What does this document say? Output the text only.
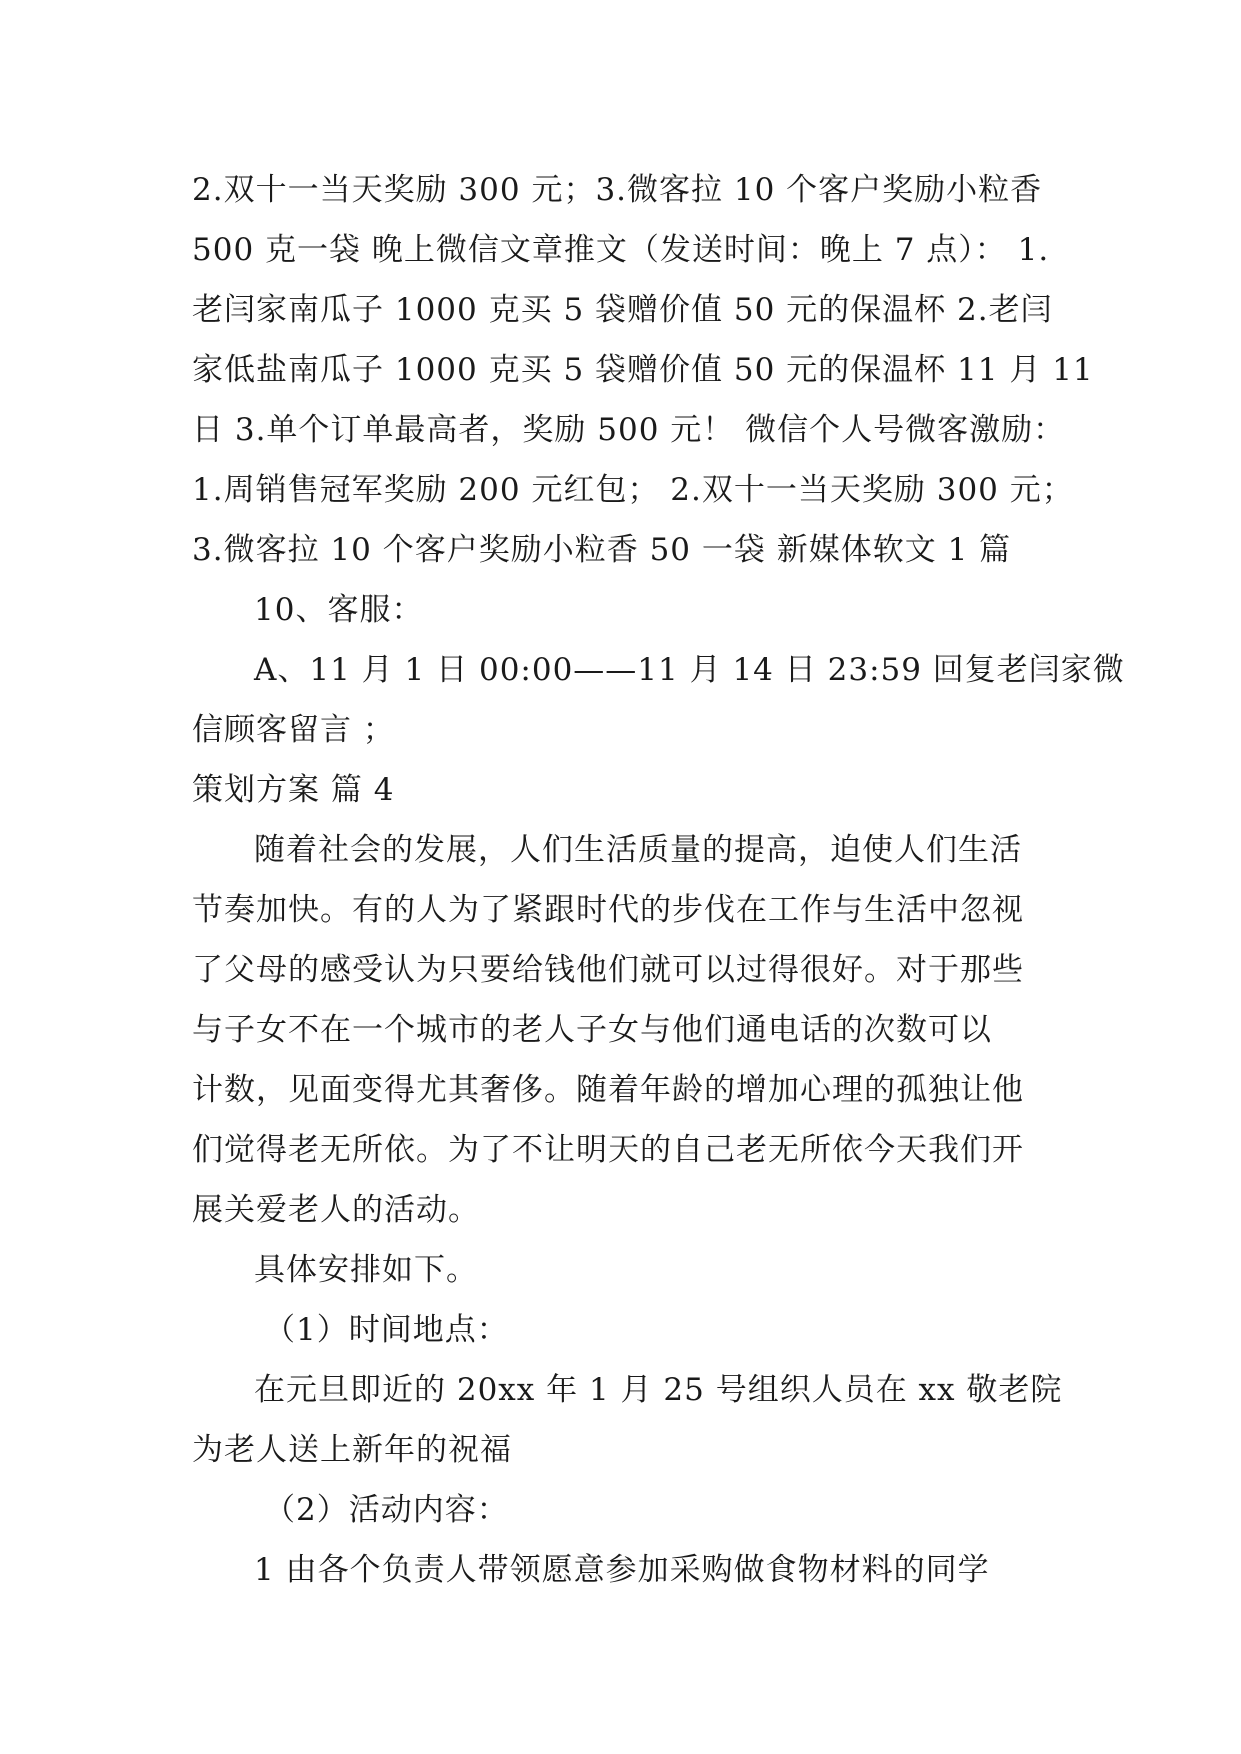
2.双十一当天奖励 300 元；3.微客拉 10 个客户奖励小粒香
500 克一袋 晚上微信文章推文（发送时间：晚上 7 点）： 1.
老闫家南瓜子 1000 克买 5 袋赠价值 50 元的保温杯 2.老闫
家低盐南瓜子 1000 克买 5 袋赠价值 50 元的保温杯 11 月 11
日 3.单个订单最高者，奖励 500 元！ 微信个人号微客激励：
1.周销售冠军奖励 200 元红包； 2.双十一当天奖励 300 元；
3.微客拉 10 个客户奖励小粒香 50 一袋 新媒体软文 1 篇
10、客服：
A、11 月 1 日 00:00——11 月 14 日 23:59 回复老闫家微
信顾客留言 ；
策划方案 篇 4
随着社会的发展，人们生活质量的提高，迫使人们生活
节奏加快。有的人为了紧跟时代的步伐在工作与生活中忽视
了父母的感受认为只要给钱他们就可以过得很好。对于那些
与子女不在一个城市的老人子女与他们通电话的次数可以
计数，见面变得尤其奢侈。随着年龄的增加心理的孤独让他
们觉得老无所依。为了不让明天的自己老无所依今天我们开
展关爱老人的活动。
具体安排如下。
（1）时间地点：
在元旦即近的 20xx 年 1 月 25 号组织人员在 xx 敬老院
为老人送上新年的祝福
（2）活动内容：
1 由各个负责人带领愿意参加采购做食物材料的同学
